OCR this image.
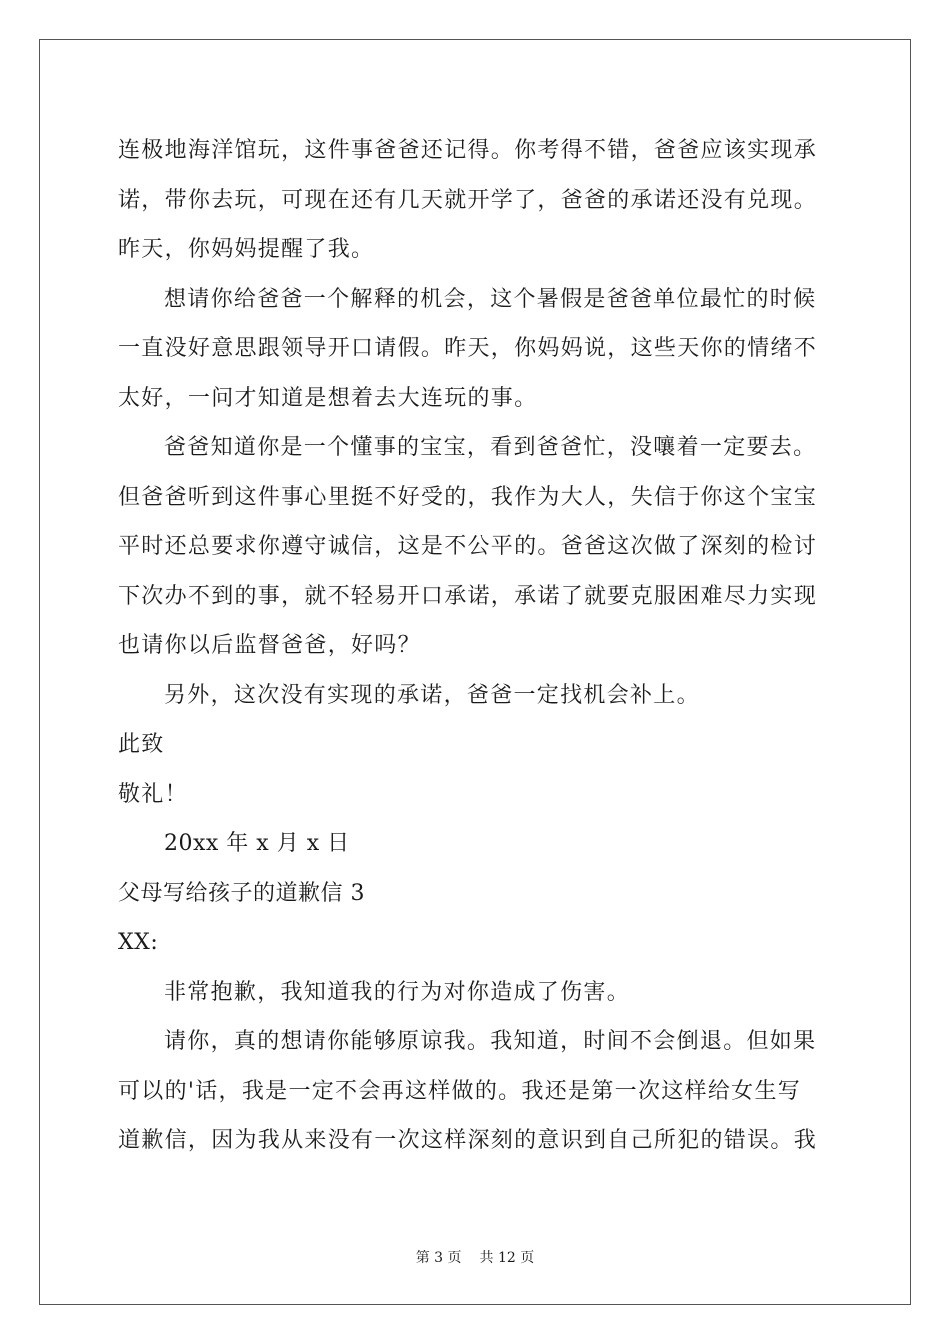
连极地海洋馆玩，这件事爸爸还记得。你考得不错，爸爸应该实现承
诺，带你去玩，可现在还有几天就开学了，爸爸的承诺还没有兑现。
昨天，你妈妈提醒了我。
想请你给爸爸一个解释的机会，这个暑假是爸爸单位最忙的时候
一直没好意思跟领导开口请假。昨天，你妈妈说，这些天你的情绪不
太好，一问才知道是想着去大连玩的事。
爸爸知道你是一个懂事的宝宝，看到爸爸忙，没嚷着一定要去。
但爸爸听到这件事心里挺不好受的，我作为大人，失信于你这个宝宝
平时还总要求你遵守诚信，这是不公平的。爸爸这次做了深刻的检讨
下次办不到的事，就不轻易开口承诺，承诺了就要克服困难尽力实现
也请你以后监督爸爸，好吗？
另外，这次没有实现的承诺，爸爸一定找机会补上。
此致
敬礼！
20xx 年 x 月 x 日
父母写给孩子的道歉信 3
XX:
非常抱歉，我知道我的行为对你造成了伤害。
请你，真的想请你能够原谅我。我知道，时间不会倒退。但如果
可以的'话，我是一定不会再这样做的。我还是第一次这样给女生写
道歉信，因为我从来没有一次这样深刻的意识到自己所犯的错误。我
第 3 页 共 12 页
